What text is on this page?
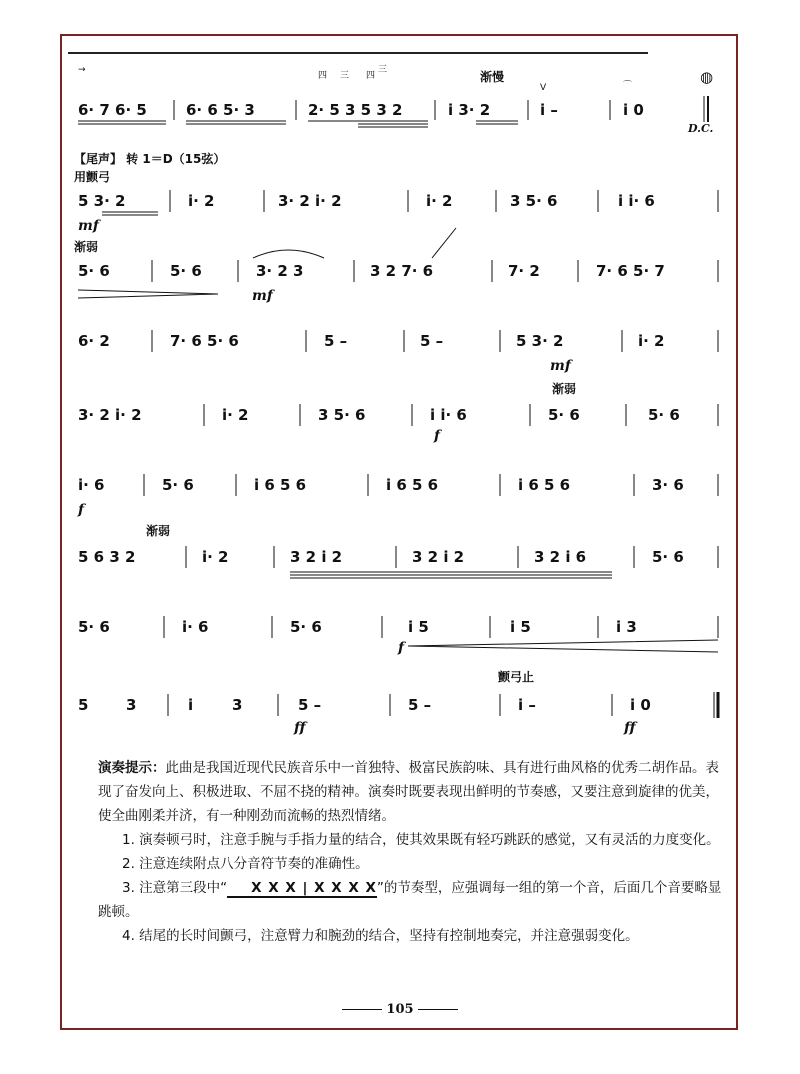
→
四 三 四
三
6· 7 6· 5	6· 6 5· 3	2· 5 3 5 3 2	i 3· 2	i –	i 0
V	⌒	◍
渐慢
D.C.
【尾声】 转 1＝D（15弦）
用颤弓
5 3· 2	i· 2	3· 2 i· 2	i· 2	3 5· 6	i i· 6
mf
渐弱
5· 6	5· 6	3· 2 3	3 2 7· 6	7· 2	7· 6 5· 7
mf
6· 2	7· 6 5· 6	5 –	5 –	5 3· 2	i· 2
mf
渐弱
3· 2 i· 2	i· 2	3 5· 6	i i· 6	5· 6	5· 6
f
i· 6	5· 6	i 6 5 6	i 6 5 6	i 6 5 6	3· 6
f
渐弱
5 6 3 2	i· 2	3 2 i 2	3 2 i 2	3 2 i 6	5· 6
5· 6	i· 6	5· 6	i 5	i 5	i 3
f
颤弓止
5	3	i	3	5 –	5 –	i –	i 0
ff	ff

演奏提示：此曲是我国近现代民族音乐中一首独特、极富民族韵味、具有进行曲风格的优秀二胡作品。表现了奋发向上、积极进取、不屈不挠的精神。演奏时既要表现出鲜明的节奏感，又要注意到旋律的优美，使全曲刚柔并济，有一种刚劲而流畅的热烈情绪。

1. 演奏顿弓时，注意手腕与手指力量的结合，使其效果既有轻巧跳跃的感觉，又有灵活的力度变化。

2. 注意连续附点八分音符节奏的准确性。

3. 注意第三段中“ X X X | X X X X”的节奏型，应强调每一组的第一个音，后面几个音要略显跳顿。

4. 结尾的长时间颤弓，注意臂力和腕劲的结合，坚持有控制地奏完，并注意强弱变化。

105
